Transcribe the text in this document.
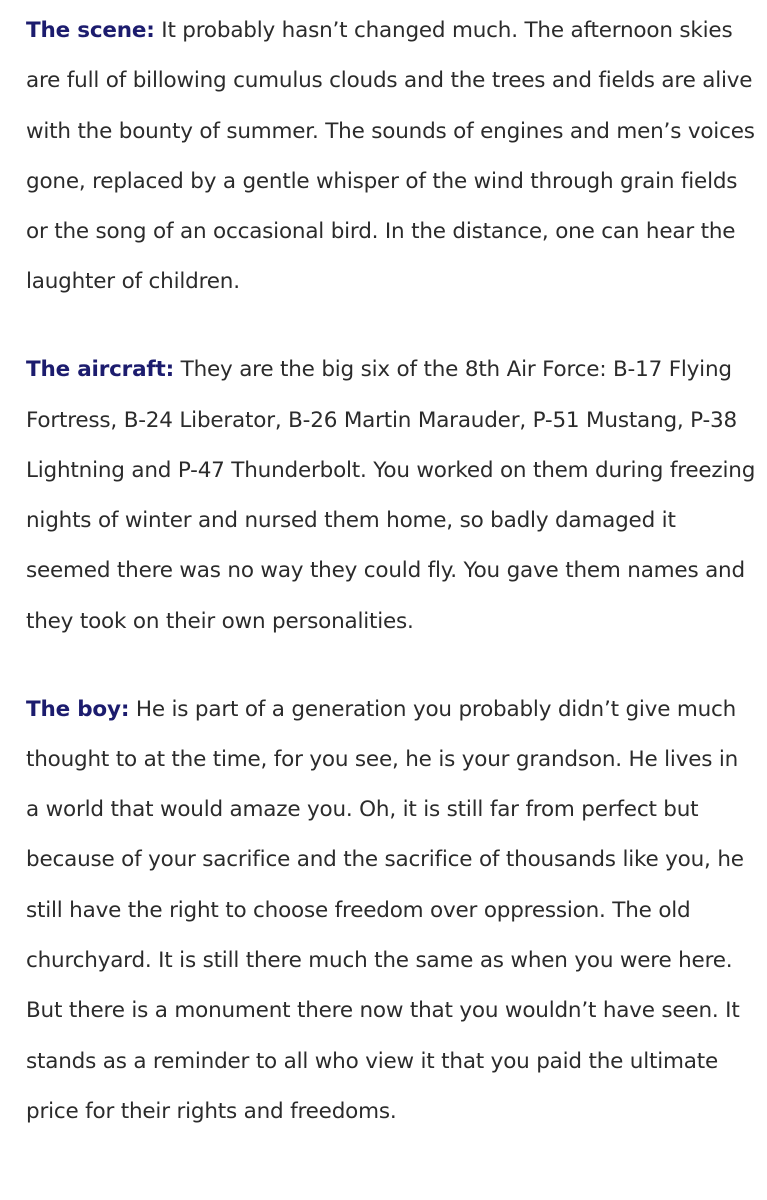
The scene: It probably hasn’t changed much. The afternoon skies are full of billowing cumulus clouds and the trees and fields are alive with the bounty of summer. The sounds of engines and men’s voices gone, replaced by a gentle whisper of the wind through grain fields or the song of an occasional bird. In the distance, one can hear the laughter of children.

The aircraft: They are the big six of the 8th Air Force: B-17 Flying Fortress, B-24 Liberator, B-26 Martin Marauder, P-51 Mustang, P-38 Lightning and P-47 Thunderbolt. You worked on them during freezing nights of winter and nursed them home, so badly damaged it seemed there was no way they could fly. You gave them names and they took on their own personalities.

The boy: He is part of a generation you probably didn’t give much thought to at the time, for you see, he is your grandson. He lives in a world that would amaze you. Oh, it is still far from perfect but because of your sacrifice and the sacrifice of thousands like you, he still have the right to choose freedom over oppression. The old churchyard. It is still there much the same as when you were here. But there is a monument there now that you wouldn’t have seen. It stands as a reminder to all who view it that you paid the ultimate price for their rights and freedoms.
